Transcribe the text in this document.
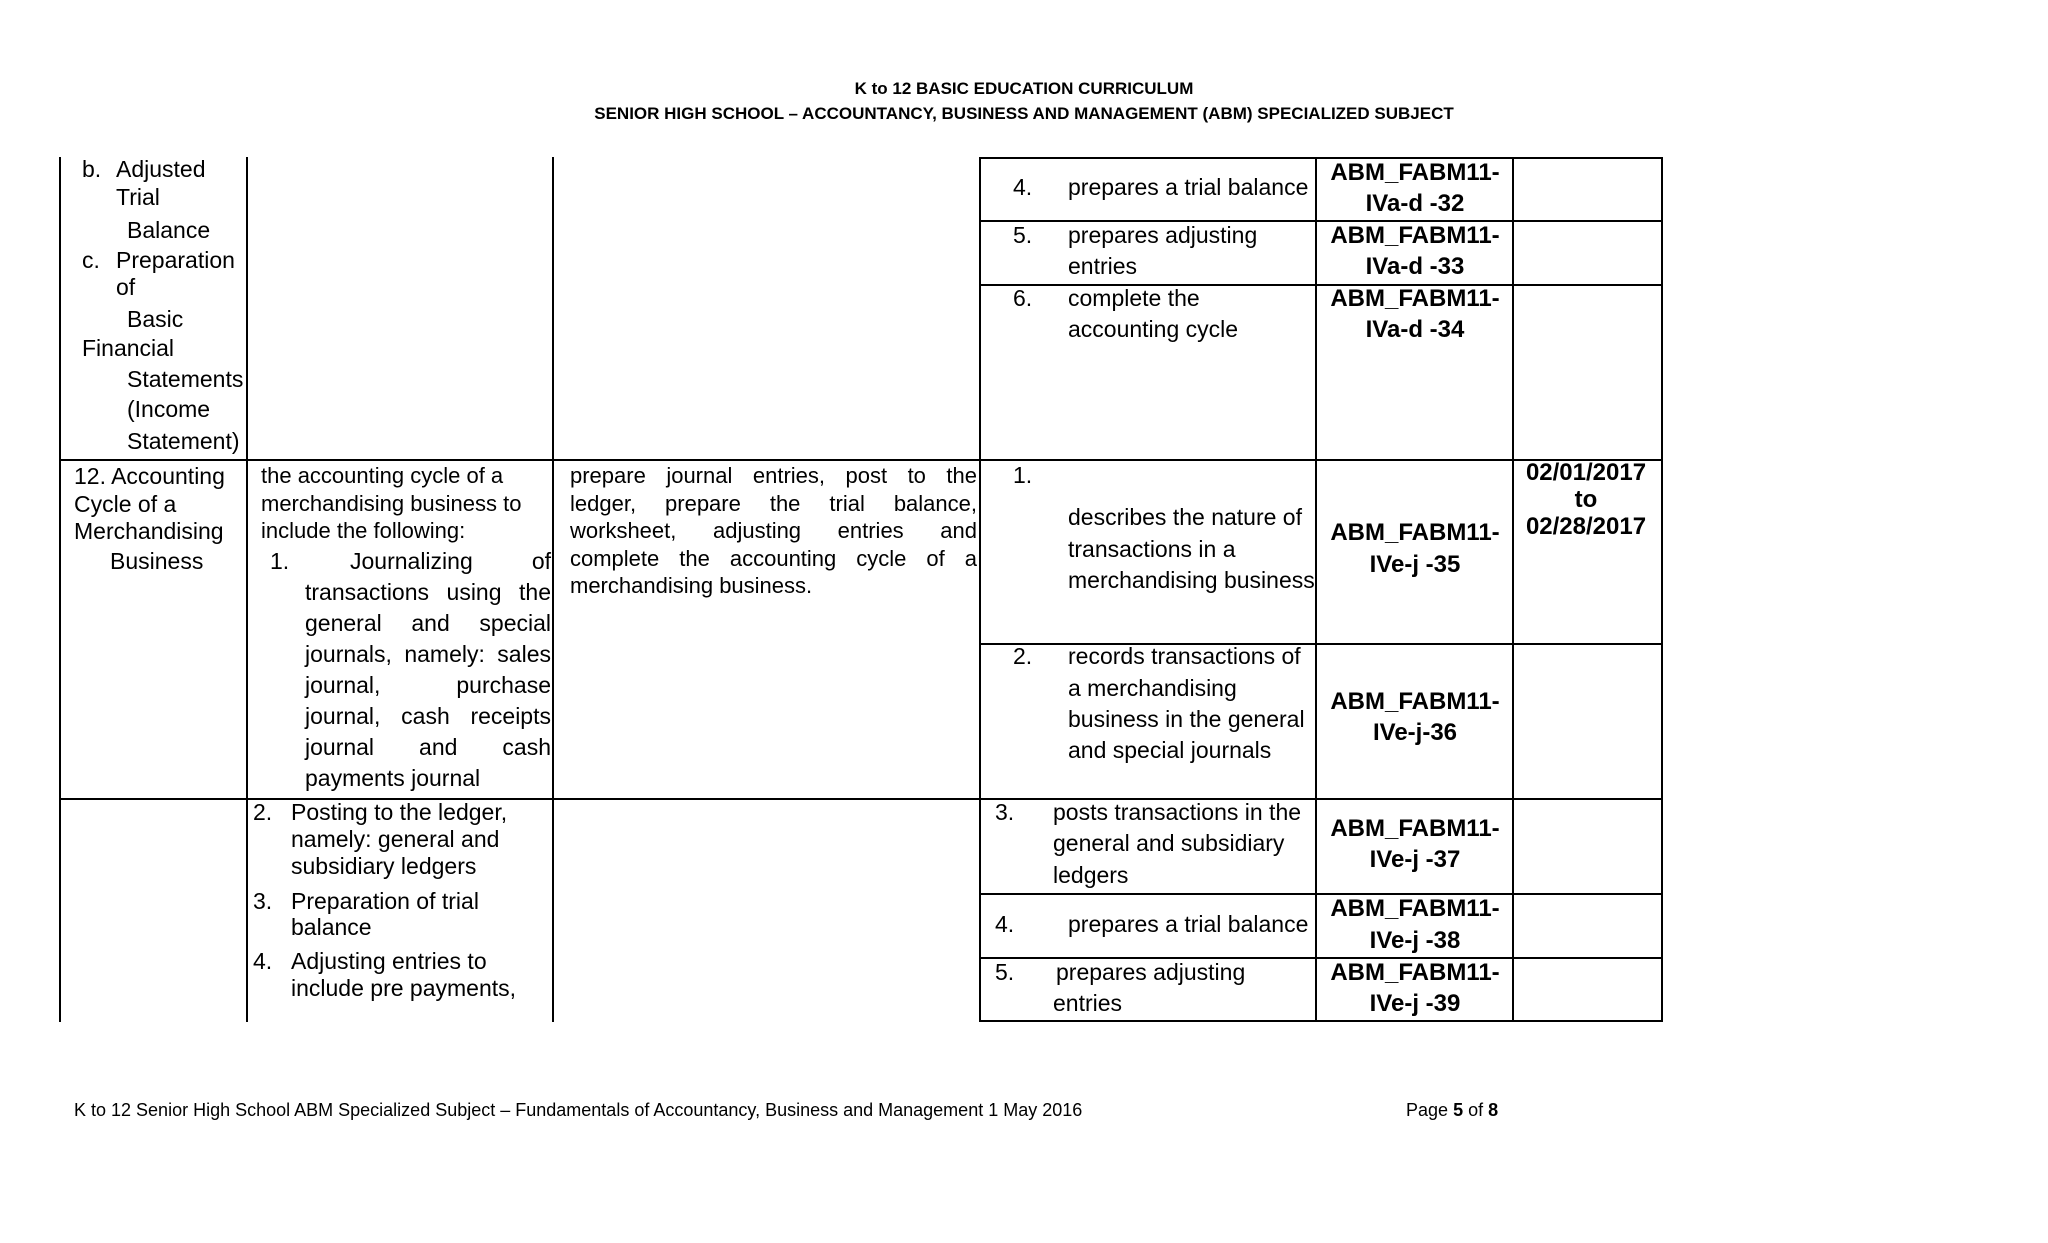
K to 12 BASIC EDUCATION CURRICULUM
SENIOR HIGH SCHOOL – ACCOUNTANCY, BUSINESS AND MANAGEMENT (ABM) SPECIALIZED SUBJECT
b. Adjusted
Trial
Balance
c. Preparation
of
Basic
Financial
Statements
(Income
Statement)
4. prepares a trial balance
ABM_FABM11-
IVa-d -32
5. prepares adjusting
entries
ABM_FABM11-
IVa-d -33
6. complete the
accounting cycle
ABM_FABM11-
IVa-d -34
12. Accounting
Cycle of a
Merchandising
Business
the accounting cycle of a merchandising business to include the following:
1.	Journalizing of transactions using the general and special journals, namely: sales journal, purchase journal, cash receipts journal and cash payments journal
prepare journal entries, post to the ledger, prepare the trial balance, worksheet, adjusting entries and complete the accounting cycle of a merchandising business.
02/01/2017
to
02/28/2017
1.
describes the nature of
transactions in a
merchandising business
ABM_FABM11-
IVe-j -35
2. records transactions of
a merchandising
business in the general
and special journals
ABM_FABM11-
IVe-j-36
2. Posting to the ledger,
namely: general and
subsidiary ledgers
3. Preparation of trial
balance
4. Adjusting entries to
include pre payments,
3. posts transactions in the
general and subsidiary
ledgers
ABM_FABM11-
IVe-j -37
4. prepares a trial balance
ABM_FABM11-
IVe-j -38
5. prepares adjusting
entries
ABM_FABM11-
IVe-j -39
K to 12 Senior High School ABM Specialized Subject – Fundamentals of Accountancy, Business and Management 1 May 2016	Page 5 of 8
